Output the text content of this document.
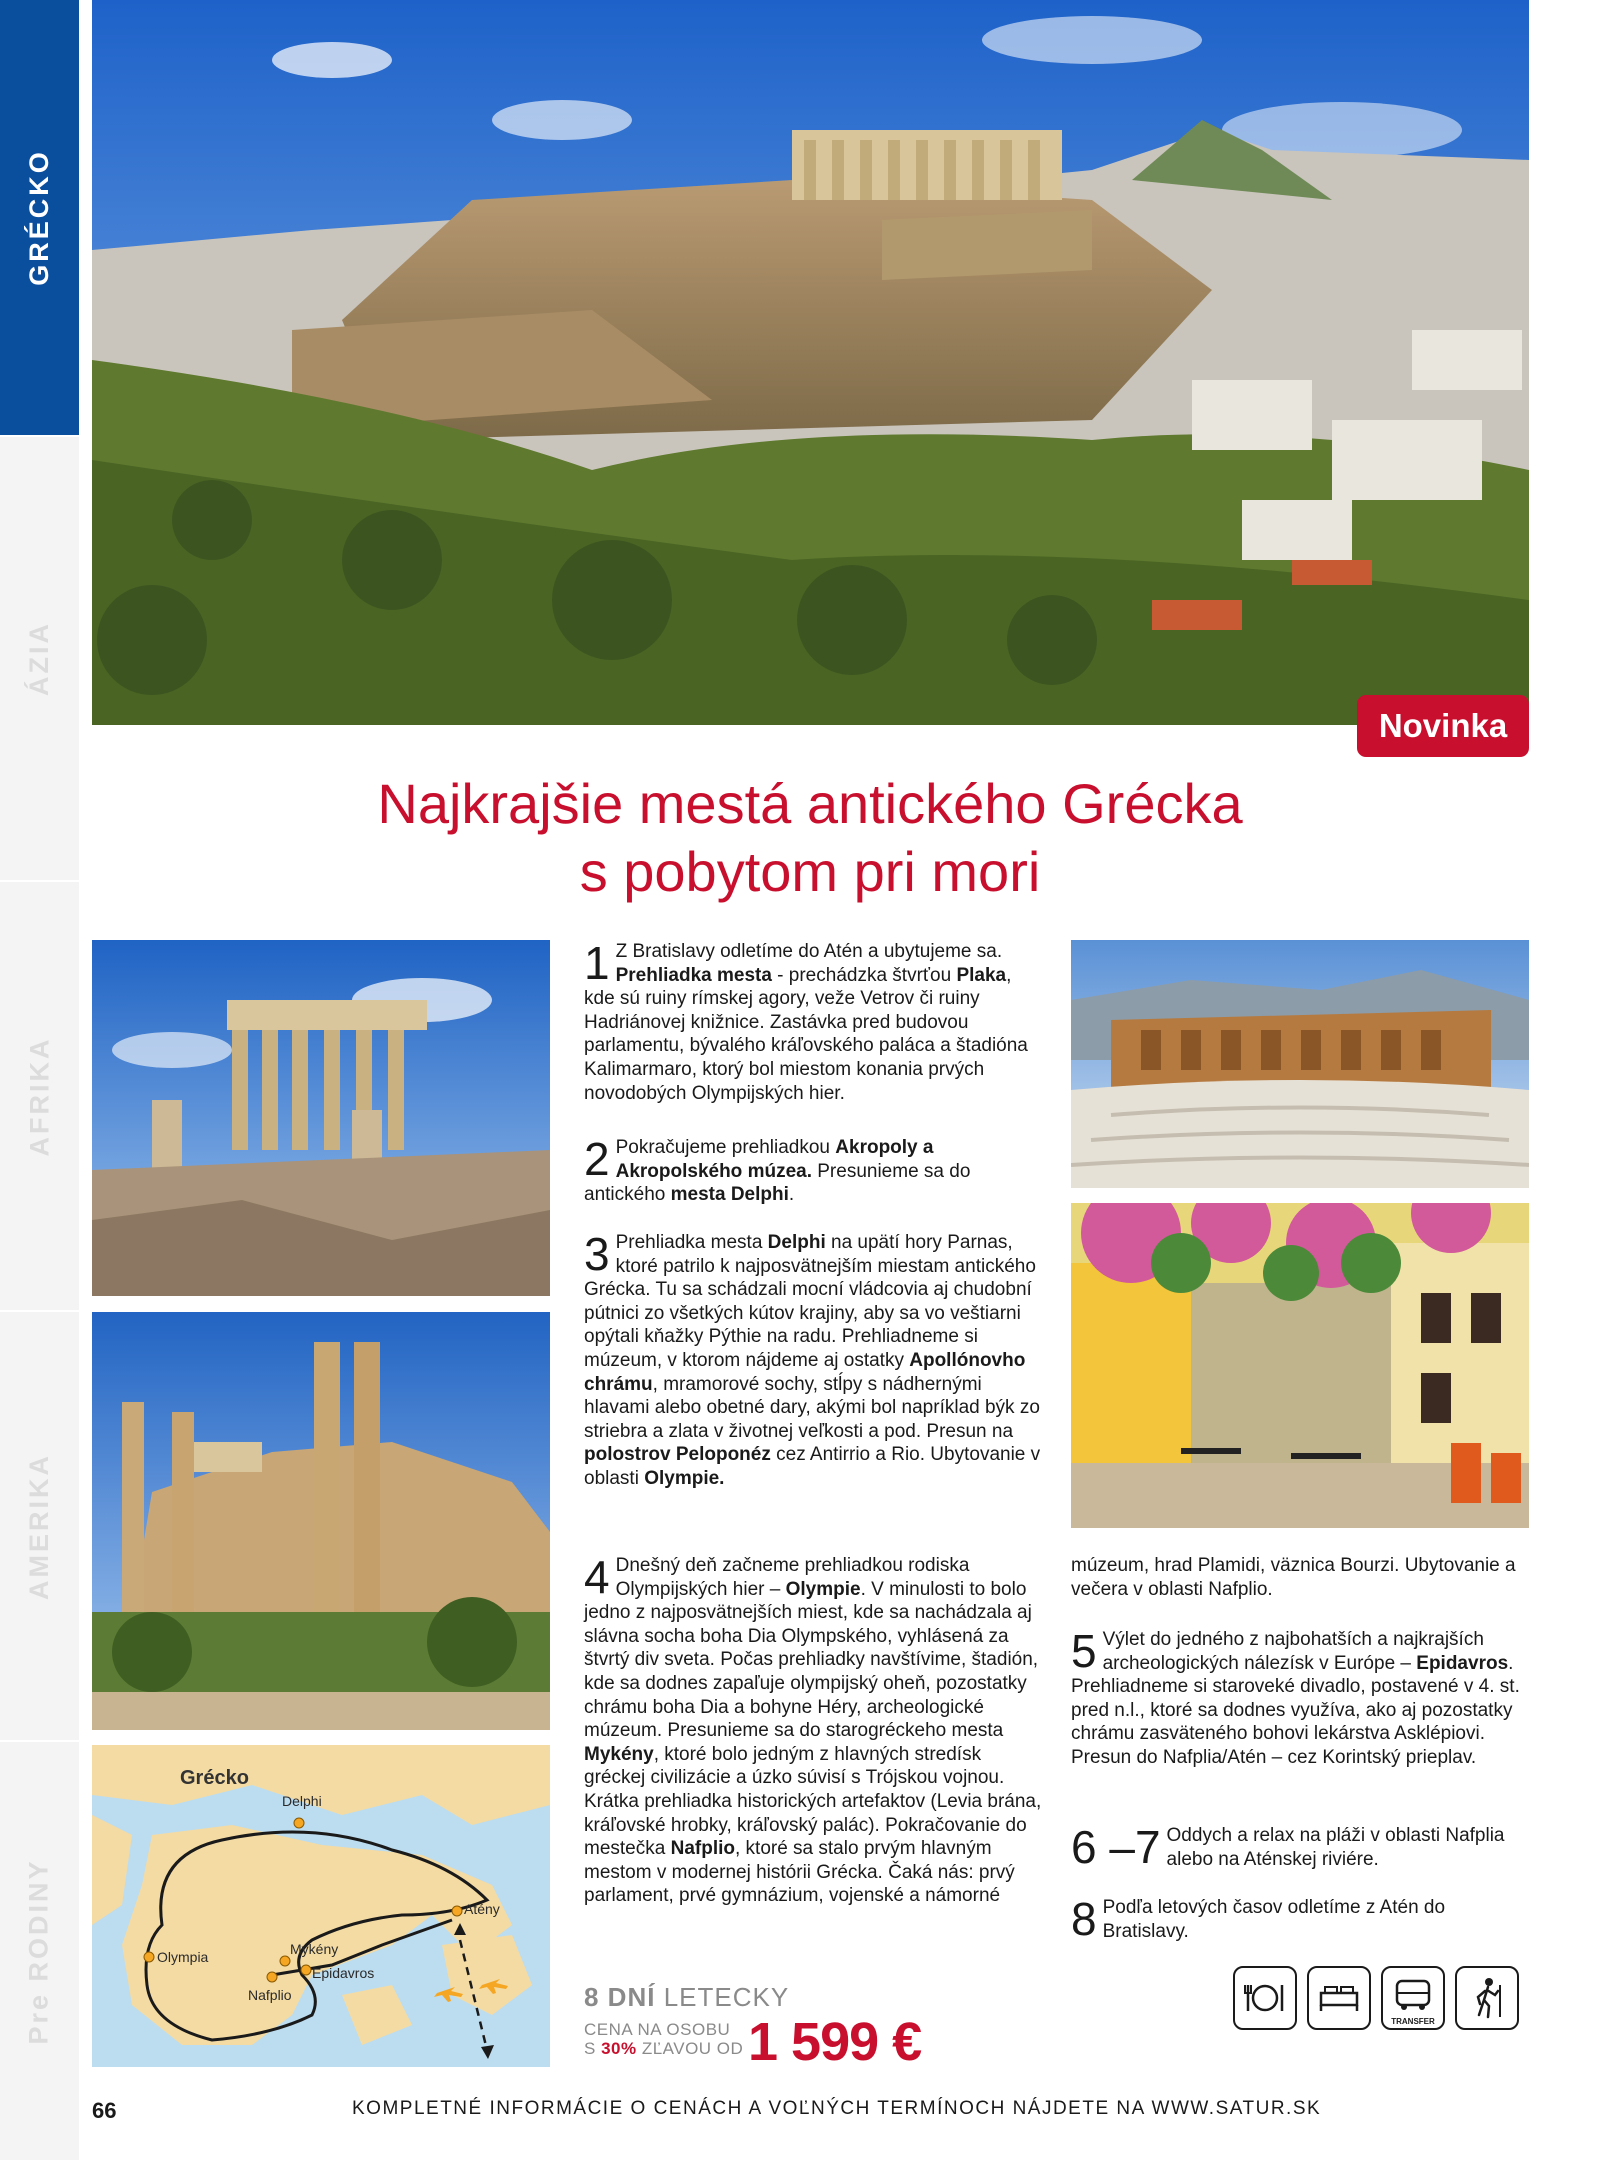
GRÉCKO
ÁZIA
AFRIKA
AMERIKA
Pre RODINY
Novinka
Najkrajšie mestá antického Grécka
s pobytom pri mori
Grécko
Delphi
Olympia	Mykény
Nafplio
Epidavros
Atény
1 Z Bratislavy odletíme do Atén a ubytujeme sa. Prehliadka mesta - prechádzka štvrťou Plaka, kde sú ruiny rímskej agory, veže Vetrov či ruiny Hadriánovej knižnice. Zastávka pred budovou parlamentu, bývalého kráľovského paláca a štadióna Kalimarmaro, ktorý bol miestom konania prvých novodobých Olympijských hier.
2 Pokračujeme prehliadkou Akropoly a Akropolského múzea. Presunieme sa do antického mesta Delphi.
3 Prehliadka mesta Delphi na upätí hory Parnas, ktoré patrilo k najposvätnejším miestam antického Grécka. Tu sa schádzali mocní vládcovia aj chudobní pútnici zo všetkých kútov krajiny, aby sa vo veštiarni opýtali kňažky Pýthie na radu. Prehliadneme si múzeum, v ktorom nájdeme aj ostatky Apollónovho chrámu, mramorové sochy, stĺpy s nádhernými hlavami alebo obetné dary, akými bol napríklad býk zo striebra a zlata v životnej veľkosti a pod. Presun na polostrov Peloponéz cez Antirrio a Rio. Ubytovanie v oblasti Olympie.
4 Dnešný deň začneme prehliadkou rodiska Olympijských hier – Olympie. V minulosti to bolo jedno z najposvätnejších miest, kde sa nachádzala aj slávna socha boha Dia Olympského, vyhlásená za štvrtý div sveta. Počas prehliadky navštívime, štadión, kde sa dodnes zapaľuje olympijský oheň, pozostatky chrámu boha Dia a bohyne Héry, archeologické múzeum. Presunieme sa do starogréckeho mesta Mykény, ktoré bolo jedným z hlavných stredísk gréckej civilizácie a úzko súvisí s Trójskou vojnou. Krátka prehliadka historických artefaktov (Levia brána, kráľovské hrobky, kráľovský palác). Pokračovanie do mestečka Nafplio, ktoré sa stalo prvým hlavným mestom v modernej histórii Grécka. Čaká nás: prvý parlament, prvé gymnázium, vojenské a námorné
múzeum, hrad Plamidi, väznica Bourzi. Ubytovanie a večera v oblasti Nafplio.
5 Výlet do jedného z najbohatších a najkrajších archeologických nálezísk v Európe – Epidavros. Prehliadneme si staroveké divadlo, postavené v 4. st. pred n.l., ktoré sa dodnes využíva, ako aj pozostatky chrámu zasväteného bohovi lekárstva Asklépiovi. Presun do Nafplia/Atén – cez Korintský prieplav.
6 –7 Oddych a relax na pláži v oblasti Nafplia alebo na Aténskej riviére.
8 Podľa letových časov odletíme z Atén do Bratislavy.
8 DNÍ LETECKY
CENA NA OSOBU
S 30% ZĽAVOU OD 1 599 €	TRANSFER
66	KOMPLETNÉ INFORMÁCIE O CENÁCH A VOĽNÝCH TERMÍNOCH NÁJDETE NA WWW.SATUR.SK
